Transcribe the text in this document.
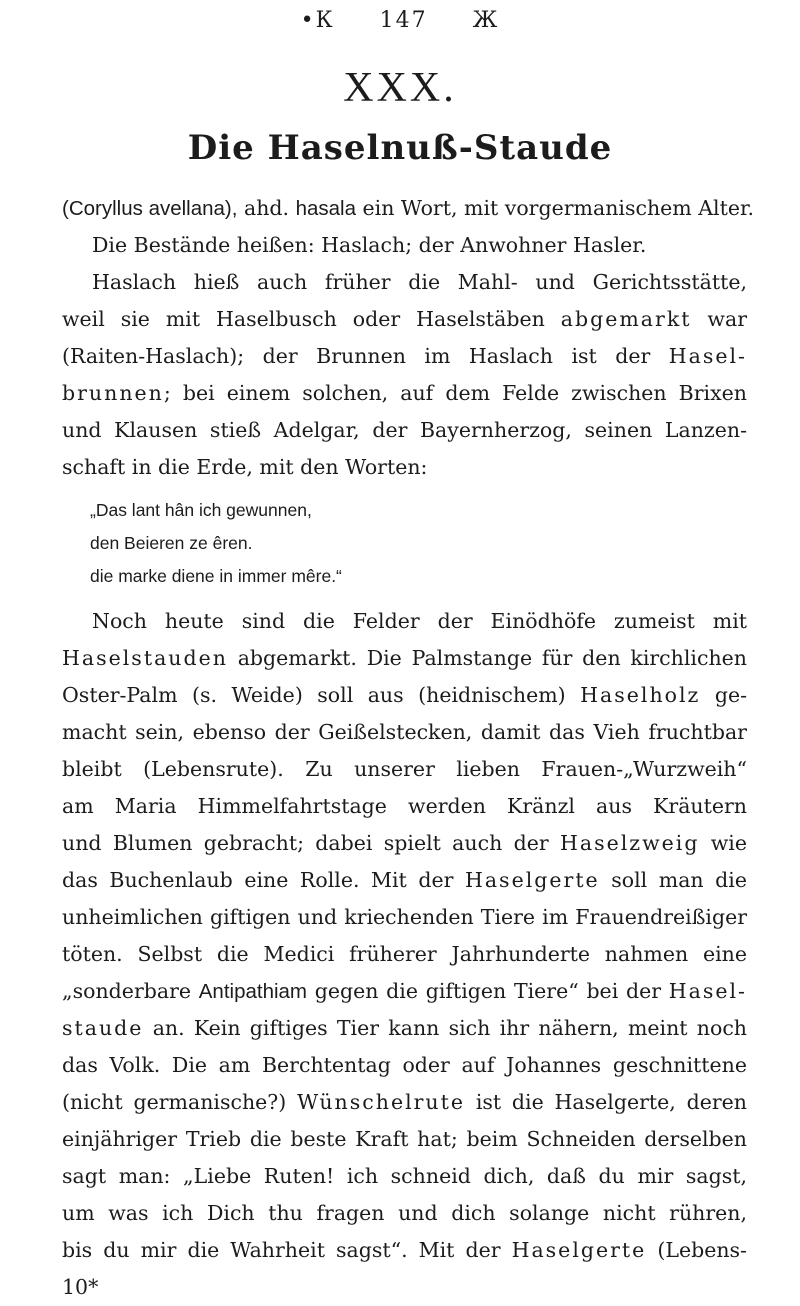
•К 147 Ж
XXX.
Die Haselnuß-Staude
(Coryllus avellana), ahd. hasala ein Wort, mit vorgermanischem Alter.
Die Bestände heißen: Haslach; der Anwohner Hasler.
Haslach hieß auch früher die Mahl- und Gerichtsstätte,
weil sie mit Haselbusch oder Haselstäben abgemarkt war
(Raiten-Haslach); der Brunnen im Haslach ist der Hasel-
brunnen; bei einem solchen, auf dem Felde zwischen Brixen
und Klausen stieß Adelgar, der Bayernherzog, seinen Lanzen-
schaft in die Erde, mit den Worten:
„Das lant hân ich gewunnen,
den Beieren ze êren.
die marke diene in immer mêre.“
Noch heute sind die Felder der Einödhöfe zumeist mit
Haselstauden abgemarkt. Die Palmstange für den kirchlichen
Oster-Palm (s. Weide) soll aus (heidnischem) Haselholz ge-
macht sein, ebenso der Geißelstecken, damit das Vieh fruchtbar
bleibt (Lebensrute). Zu unserer lieben Frauen-„Wurzweih“
am Maria Himmelfahrtstage werden Kränzl aus Kräutern
und Blumen gebracht; dabei spielt auch der Haselzweig wie
das Buchenlaub eine Rolle. Mit der Haselgerte soll man die
unheimlichen giftigen und kriechenden Tiere im Frauendreißiger
töten. Selbst die Medici früherer Jahrhunderte nahmen eine
„sonderbare Antipathiam gegen die giftigen Tiere“ bei der Hasel-
staude an. Kein giftiges Tier kann sich ihr nähern, meint noch
das Volk. Die am Berchtentag oder auf Johannes geschnittene
(nicht germanische?) Wünschelrute ist die Haselgerte, deren
einjähriger Trieb die beste Kraft hat; beim Schneiden derselben
sagt man: „Liebe Ruten! ich schneid dich, daß du mir sagst,
um was ich Dich thu fragen und dich solange nicht rühren,
bis du mir die Wahrheit sagst“. Mit der Haselgerte (Lebens-
10*
